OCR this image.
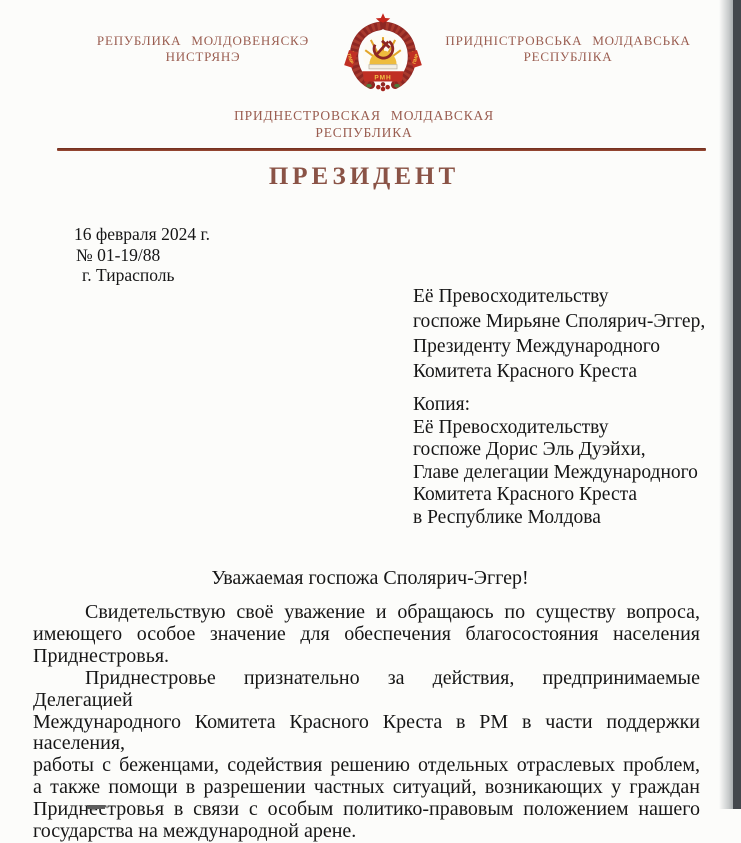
РЕПУБЛИКА МОЛДОВЕНЯСКЭ
НИСТРЯНЭ
ПРИДНІСТРОВСЬКА МОЛДАВСЬКА
РЕСПУБЛІКА
ПМР	ПМР
РМН
ПРИДНЕСТРОВСКАЯ МОЛДАВСКАЯ
РЕСПУБЛИКА
ПРЕЗИДЕНТ
16 февраля 2024 г.
№ 01-19/88
г. Тирасполь
Её Превосходительству
госпоже Мирьяне Сполярич-Эггер,
Президенту Международного
Комитета Красного Креста
Копия:
Её Превосходительству
госпоже Дорис Эль Дуэйхи,
Главе делегации Международного
Комитета Красного Креста
в Республике Молдова
Уважаемая госпожа Сполярич-Эггер!
Свидетельствую своё уважение и обращаюсь по существу вопроса,
имеющего особое значение для обеспечения благосостояния населения
Приднестровья.
Приднестровье признательно за действия, предпринимаемые Делегацией
Международного Комитета Красного Креста в РМ в части поддержки населения,
работы с беженцами, содействия решению отдельных отраслевых проблем,
а также помощи в разрешении частных ситуаций, возникающих у граждан
Приднестровья в связи с особым политико-правовым положением нашего
государства на международной арене.
